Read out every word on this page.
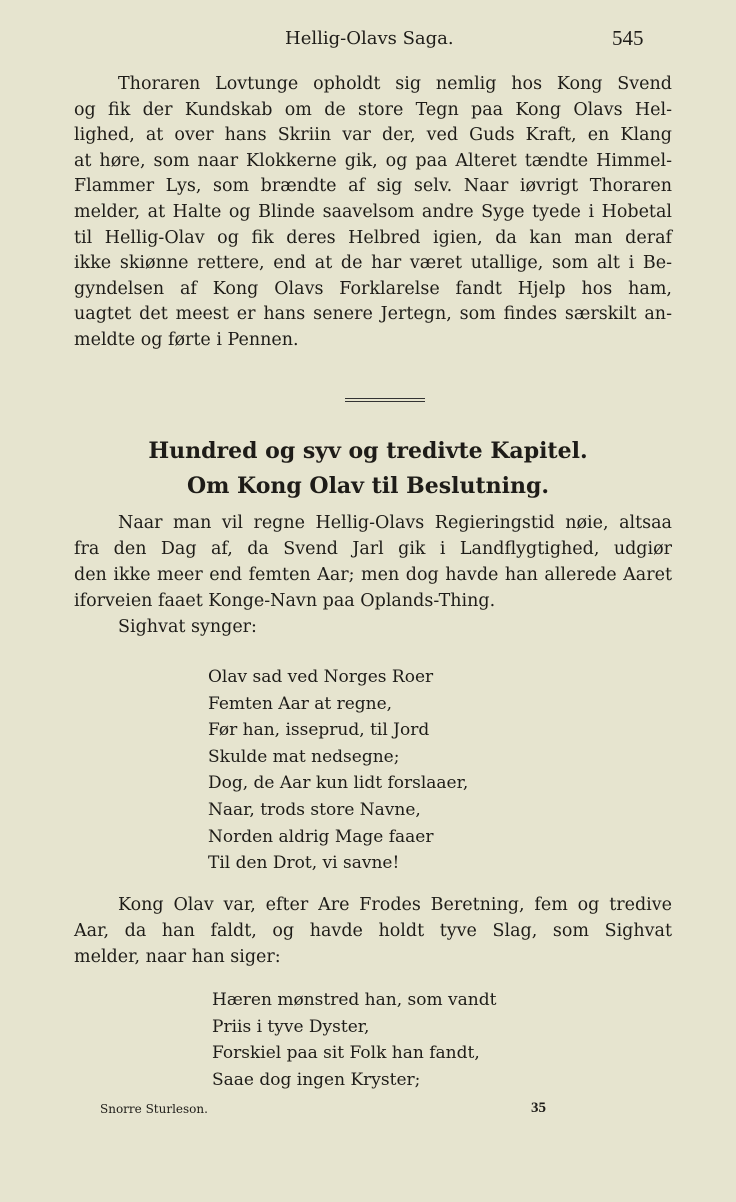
Hellig-Olavs Saga.	545
Thoraren Lovtunge opholdt sig nemlig hos Kong Svend
og fik der Kundskab om de store Tegn paa Kong Olavs Hel-
lighed, at over hans Skriin var der, ved Guds Kraft, en Klang
at høre, som naar Klokkerne gik, og paa Alteret tændte Himmel-
Flammer Lys, som brændte af sig selv. Naar iøvrigt Thoraren
melder, at Halte og Blinde saavelsom andre Syge tyede i Hobetal
til Hellig-Olav og fik deres Helbred igien, da kan man deraf
ikke skiønne rettere, end at de har været utallige, som alt i Be-
gyndelsen af Kong Olavs Forklarelse fandt Hjelp hos ham,
uagtet det meest er hans senere Jertegn, som findes særskilt an-
meldte og førte i Pennen.
Hundred og syv og tredivte Kapitel.
Om Kong Olav til Beslutning.
Naar man vil regne Hellig-Olavs Regieringstid nøie, altsaa
fra den Dag af, da Svend Jarl gik i Landflygtighed, udgiør
den ikke meer end femten Aar; men dog havde han allerede Aaret
iforveien faaet Konge-Navn paa Oplands-Thing.
Sighvat synger:
Olav sad ved Norges Roer
Femten Aar at regne,
Før han, isseprud, til Jord
Skulde mat nedsegne;
Dog, de Aar kun lidt forslaaer,
Naar, trods store Navne,
Norden aldrig Mage faaer
Til den Drot, vi savne!
Kong Olav var, efter Are Frodes Beretning, fem og tredive
Aar, da han faldt, og havde holdt tyve Slag, som Sighvat
melder, naar han siger:
Hæren mønstred han, som vandt
Priis i tyve Dyster,
Forskiel paa sit Folk han fandt,
Saae dog ingen Kryster;
Snorre Sturleson.	35
